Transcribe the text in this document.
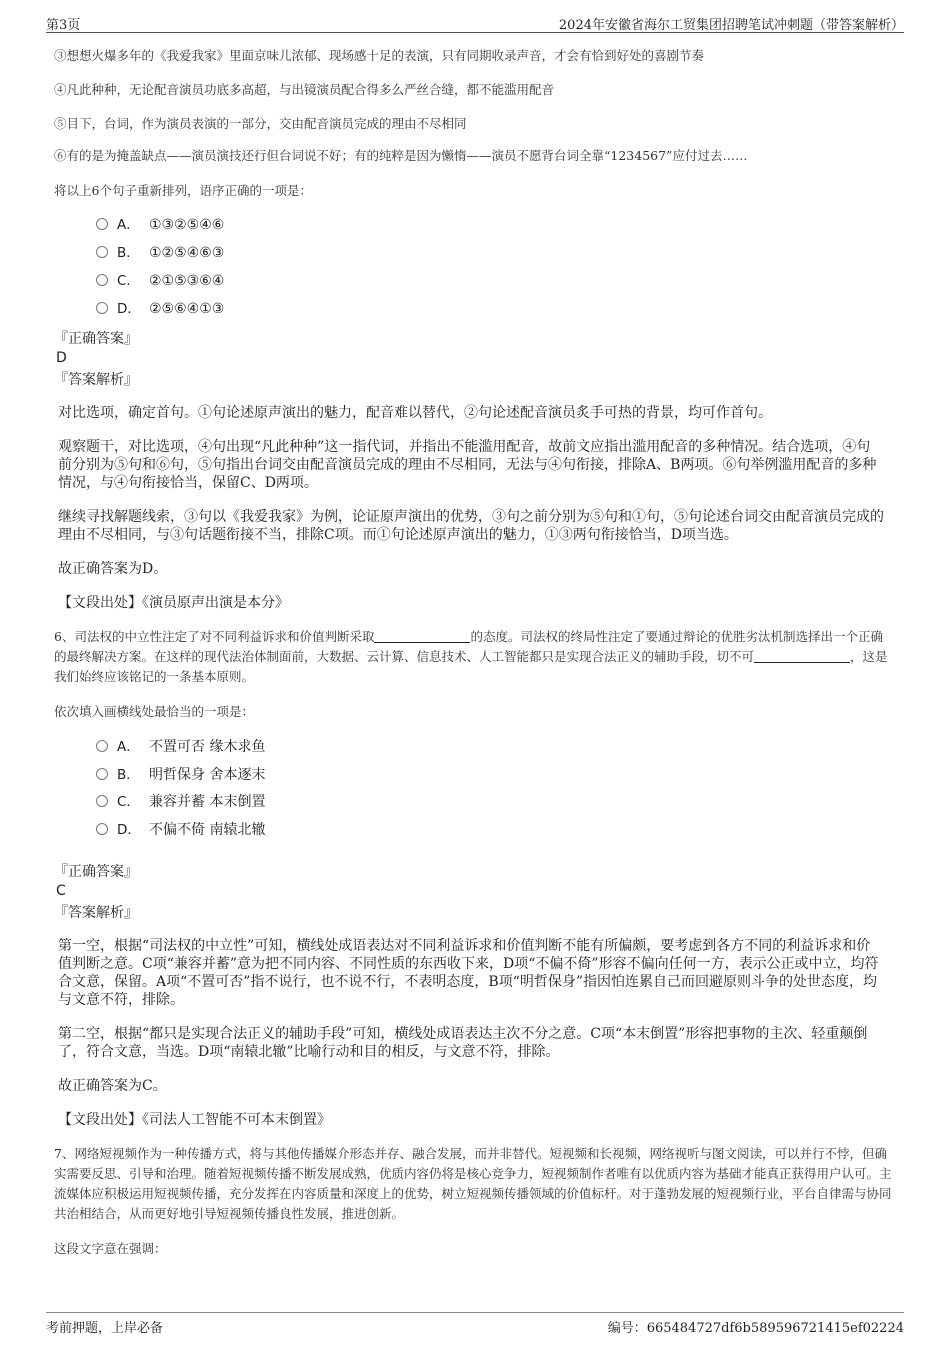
第3页	2024年安徽省海尔工贸集团招聘笔试冲刺题（带答案解析）

③想想火爆多年的《我爱我家》里面京味儿浓郁、现场感十足的表演，只有同期收录声音，才会有恰到好处的喜剧节奏

④凡此种种，无论配音演员功底多高超，与出镜演员配合得多么严丝合缝，都不能滥用配音

⑤目下，台词，作为演员表演的一部分，交由配音演员完成的理由不尽相同

⑥有的是为掩盖缺点——演员演技还行但台词说不好；有的纯粹是因为懒惰——演员不愿背台词全靠“1234567”应付过去……

将以上6个句子重新排列，语序正确的一项是：

A． ①③②⑤④⑥
B． ①②⑤④⑥③
C． ②①⑤③⑥④
D． ②⑤⑥④①③

『正确答案』

D

『答案解析』

对比选项，确定首句。①句论述原声演出的魅力，配音难以替代，②句论述配音演员炙手可热的背景，均可作首句。

观察题干，对比选项，④句出现“凡此种种”这一指代词，并指出不能滥用配音，故前文应指出滥用配音的多种情况。结合选项，④句前分别为⑤句和⑥句，⑤句指出台词交由配音演员完成的理由不尽相同，无法与④句衔接，排除A、B两项。⑥句举例滥用配音的多种情况，与④句衔接恰当，保留C、D两项。

继续寻找解题线索，③句以《我爱我家》为例，论证原声演出的优势，③句之前分别为⑤句和①句，⑤句论述台词交由配音演员完成的理由不尽相同，与③句话题衔接不当，排除C项。而①句论述原声演出的魅力，①③两句衔接恰当，D项当选。

故正确答案为D。

【文段出处】《演员原声出演是本分》

6、司法权的中立性注定了对不同利益诉求和价值判断采取	的态度。司法权的终局性注定了要通过辩论的优胜劣汰机制选择出一个正确的最终解决方案。在这样的现代法治体制面前，大数据、云计算、信息技术、人工智能都只是实现合法正义的辅助手段，切不可	，这是我们始终应该铭记的一条基本原则。

依次填入画横线处最恰当的一项是：

A． 不置可否 缘木求鱼
B． 明哲保身 舍本逐末
C． 兼容并蓄 本末倒置
D． 不偏不倚 南辕北辙

『正确答案』

C

『答案解析』

第一空，根据“司法权的中立性”可知，横线处成语表达对不同利益诉求和价值判断不能有所偏颇，要考虑到各方不同的利益诉求和价值判断之意。C项“兼容并蓄”意为把不同内容、不同性质的东西收下来，D项“不偏不倚”形容不偏向任何一方，表示公正或中立，均符合文意，保留。A项“不置可否”指不说行，也不说不行，不表明态度，B项“明哲保身”指因怕连累自己而回避原则斗争的处世态度，均与文意不符，排除。

第二空，根据“都只是实现合法正义的辅助手段”可知，横线处成语表达主次不分之意。C项“本末倒置”形容把事物的主次、轻重颠倒了，符合文意，当选。D项“南辕北辙”比喻行动和目的相反，与文意不符，排除。

故正确答案为C。

【文段出处】《司法人工智能不可本末倒置》

7、网络短视频作为一种传播方式，将与其他传播媒介形态并存、融合发展，而并非替代。短视频和长视频，网络视听与图文阅读，可以并行不悖，但确实需要反思、引导和治理。随着短视频传播不断发展成熟，优质内容仍将是核心竞争力，短视频制作者唯有以优质内容为基础才能真正获得用户认可。主流媒体应积极运用短视频传播，充分发挥在内容质量和深度上的优势，树立短视频传播领域的价值标杆。对于蓬勃发展的短视频行业，平台自律需与协同共治相结合，从而更好地引导短视频传播良性发展，推进创新。

这段文字意在强调：

考前押题，上岸必备	编号：665484727df6b589596721415ef02224
